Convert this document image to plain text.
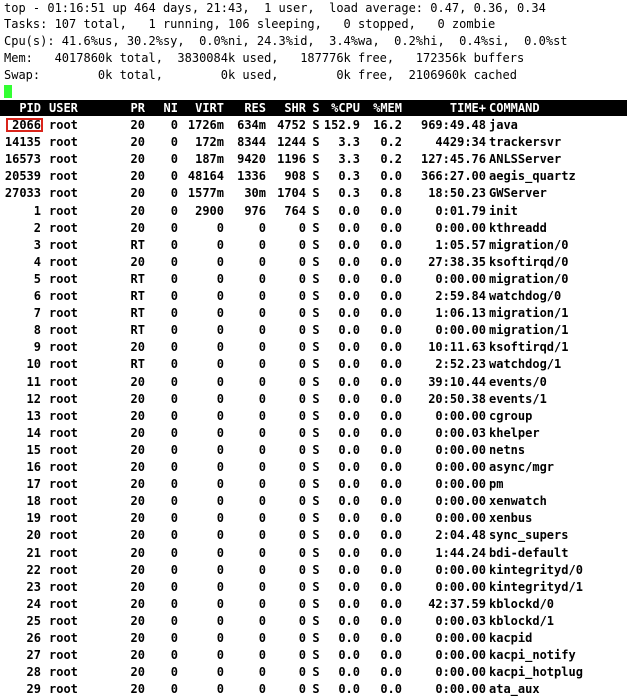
top - 01:16:51 up 464 days, 21:43,  1 user,  load average: 0.47, 0.36, 0.34
Tasks: 107 total,   1 running, 106 sleeping,   0 stopped,   0 zombie
Cpu(s): 41.6%us, 30.2%sy,  0.0%ni, 24.3%id,  3.4%wa,  0.2%hi,  0.4%si,  0.0%st
Mem:   4017860k total,  3830084k used,   187776k free,   172356k buffers
Swap:        0k total,        0k used,        0k free,  2106960k cached
PID USER	PR	NI	VIRT	RES	SHR S %CPU	%MEM	TIME+ COMMAND
2066 root	20	0 1726m	634m 4752 S 152.9	16.2	969:49.48 java
14135 root	20	0	172m	8344 1244 S	3.3	0.2	4429:34 trackersvr
16573 root	20	0	187m	9420 1196 S	3.3	0.2	127:45.76 ANLSServer
20539 root	20	0 48164	1336	908 S	0.3	0.0	366:27.00 aegis_quartz
27033 root	20	0 1577m	30m 1704 S	0.3	0.8	18:50.23 GWServer
1 root	20	0	2900	976	764 S	0.0	0.0	0:01.79 init
2 root	20	0	0	0	0 S	0.0	0.0	0:00.00 kthreadd
3 root	RT	0	0	0	0 S	0.0	0.0	1:05.57 migration/0
4 root	20	0	0	0	0 S	0.0	0.0	27:38.35 ksoftirqd/0
5 root	RT	0	0	0	0 S	0.0	0.0	0:00.00 migration/0
6 root	RT	0	0	0	0 S	0.0	0.0	2:59.84 watchdog/0
7 root	RT	0	0	0	0 S	0.0	0.0	1:06.13 migration/1
8 root	RT	0	0	0	0 S	0.0	0.0	0:00.00 migration/1
9 root	20	0	0	0	0 S	0.0	0.0	10:11.63 ksoftirqd/1
10 root	RT	0	0	0	0 S	0.0	0.0	2:52.23 watchdog/1
11 root	20	0	0	0	0 S	0.0	0.0	39:10.44 events/0
12 root	20	0	0	0	0 S	0.0	0.0	20:50.38 events/1
13 root	20	0	0	0	0 S	0.0	0.0	0:00.00 cgroup
14 root	20	0	0	0	0 S	0.0	0.0	0:00.03 khelper
15 root	20	0	0	0	0 S	0.0	0.0	0:00.00 netns
16 root	20	0	0	0	0 S	0.0	0.0	0:00.00 async/mgr
17 root	20	0	0	0	0 S	0.0	0.0	0:00.00 pm
18 root	20	0	0	0	0 S	0.0	0.0	0:00.00 xenwatch
19 root	20	0	0	0	0 S	0.0	0.0	0:00.00 xenbus
20 root	20	0	0	0	0 S	0.0	0.0	2:04.48 sync_supers
21 root	20	0	0	0	0 S	0.0	0.0	1:44.24 bdi-default
22 root	20	0	0	0	0 S	0.0	0.0	0:00.00 kintegrityd/0
23 root	20	0	0	0	0 S	0.0	0.0	0:00.00 kintegrityd/1
24 root	20	0	0	0	0 S	0.0	0.0	42:37.59 kblockd/0
25 root	20	0	0	0	0 S	0.0	0.0	0:00.03 kblockd/1
26 root	20	0	0	0	0 S	0.0	0.0	0:00.00 kacpid
27 root	20	0	0	0	0 S	0.0	0.0	0:00.00 kacpi_notify
28 root	20	0	0	0	0 S	0.0	0.0	0:00.00 kacpi_hotplug
29 root	20	0	0	0	0 S	0.0	0.0	0:00.00 ata_aux
